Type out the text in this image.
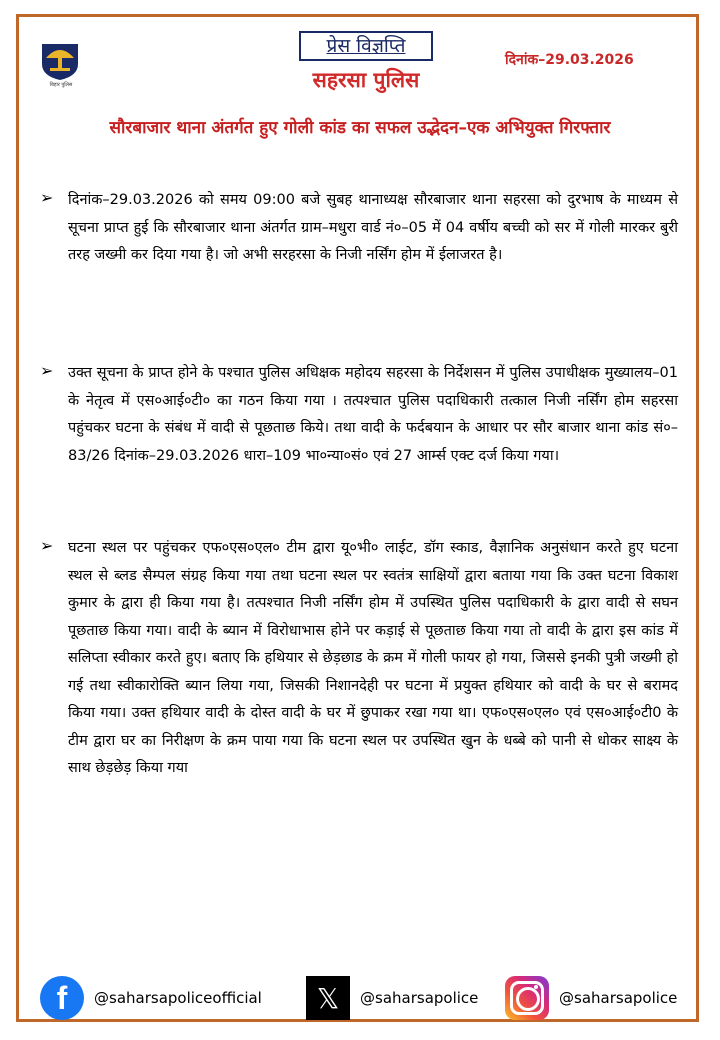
बिहार पुलिस
प्रेस विज्ञप्ति
सहरसा पुलिस
दिनांक–29.03.2026
सौरबाजार थाना अंतर्गत हुए गोली कांड का सफल उद्भेदन–एक अभियुक्त गिरफ्तार
➢ दिनांक–29.03.2026 को समय 09:00 बजे सुबह थानाध्यक्ष सौरबाजार थाना सहरसा को दुरभाष के माध्यम से सूचना प्राप्त हुई कि सौरबाजार थाना अंतर्गत ग्राम–मधुरा वार्ड नं०–05 में 04 वर्षीय बच्ची को सर में गोली मारकर बुरी तरह जख्मी कर दिया गया है। जो अभी सरहरसा के निजी नर्सिंग होम में ईलाजरत है।
➢ उक्त सूचना के प्राप्त होने के पश्चात पुलिस अधिक्षक महोदय सहरसा के निर्देशसन में पुलिस उपाधीक्षक मुख्यालय–01 के नेतृत्व में एस०आई०टी० का गठन किया गया । तत्पश्चात पुलिस पदाधिकारी तत्काल निजी नर्सिंग होम सहरसा पहुंचकर घटना के संबंध में वादी से पूछताछ किये। तथा वादी के फर्दबयान के आधार पर सौर बाजार थाना कांड सं०–83/26 दिनांक–29.03.2026 धारा–109 भा०न्या०सं० एवं 27 आर्म्स एक्ट दर्ज किया गया।
➢ घटना स्थल पर पहुंचकर एफ०एस०एल० टीम द्वारा यू०भी० लाईट, डॉग स्काड, वैज्ञानिक अनुसंधान करते हुए घटना स्थल से ब्लड सैम्पल संग्रह किया गया तथा घटना स्थल पर स्वतंत्र साक्षियों द्वारा बताया गया कि उक्त घटना विकाश कुमार के द्वारा ही किया गया है। तत्पश्चात निजी नर्सिंग होम में उपस्थित पुलिस पदाधिकारी के द्वारा वादी से सघन पूछताछ किया गया। वादी के ब्यान में विरोधाभास होने पर कड़ाई से पूछताछ किया गया तो वादी के द्वारा इस कांड में सलिप्ता स्वीकार करते हुए। बताए कि हथियार से छेड़छाड के क्रम में गोली फायर हो गया, जिससे इनकी पुत्री जख्मी हो गई तथा स्वीकारोक्ति ब्यान लिया गया, जिसकी निशानदेही पर घटना में प्रयुक्त हथियार को वादी के घर से बरामद किया गया। उक्त हथियार वादी के दोस्त वादी के घर में छुपाकर रखा गया था। एफ०एस०एल० एवं एस०आई०टी0 के टीम द्वारा घर का निरीक्षण के क्रम पाया गया कि घटना स्थल पर उपस्थित खुन के धब्बे को पानी से धोकर साक्ष्य के साथ छेड़छेड़ किया गया
f	@saharsapoliceofficial	𝕏	@saharsapolice	@saharsapolice
